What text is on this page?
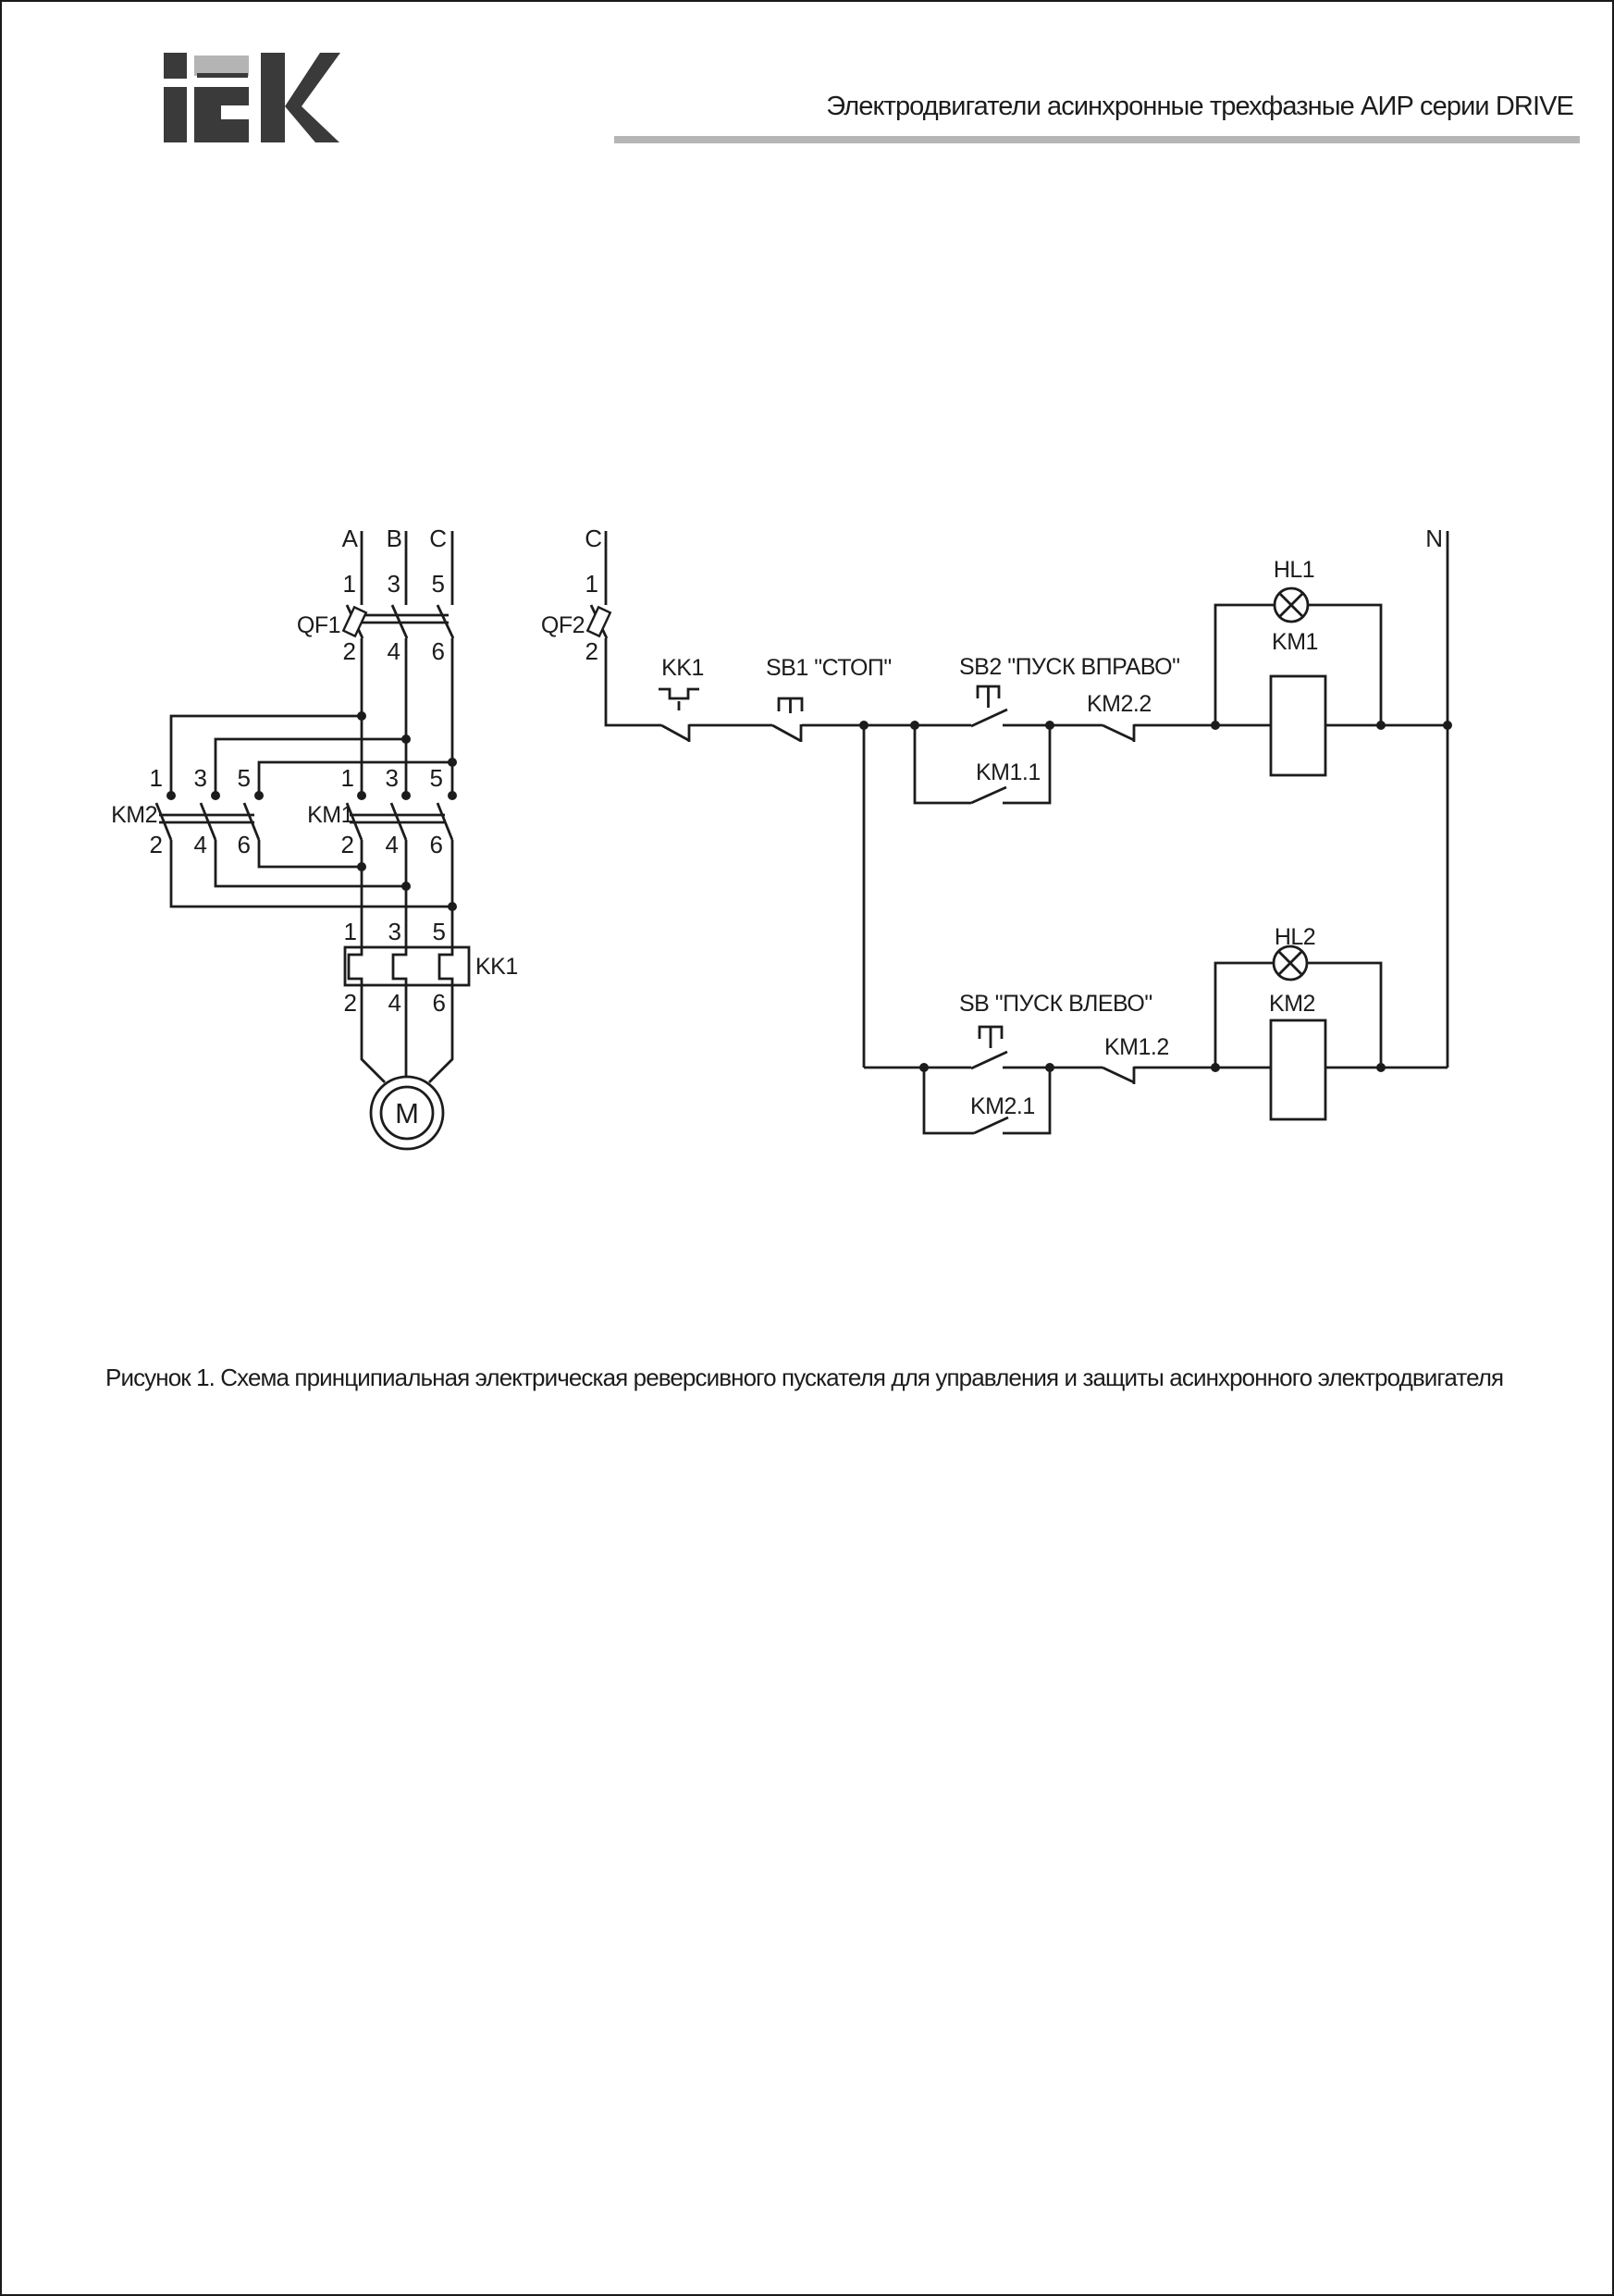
Электродвигатели асинхронные трехфазные АИР серии DRIVE
A B C
1 3 5
QF1
2 4 6
1 3 5
KM2
2 4 6
1 3 5
KM1
2 4 6
1 3 5
KK1
2 4 6
M
C
1
QF2
2
KK1	SB1 "СТОП"	SB2 "ПУСК ВПРАВО"
KM2.2
KM1.1
HL1
KM1
SB "ПУСК ВЛЕВО"
KM1.2
KM2.1
HL2
KM2
N
Рисунок 1. Схема принципиальная электрическая реверсивного пускателя для управления и защиты асинхронного электродвигателя
